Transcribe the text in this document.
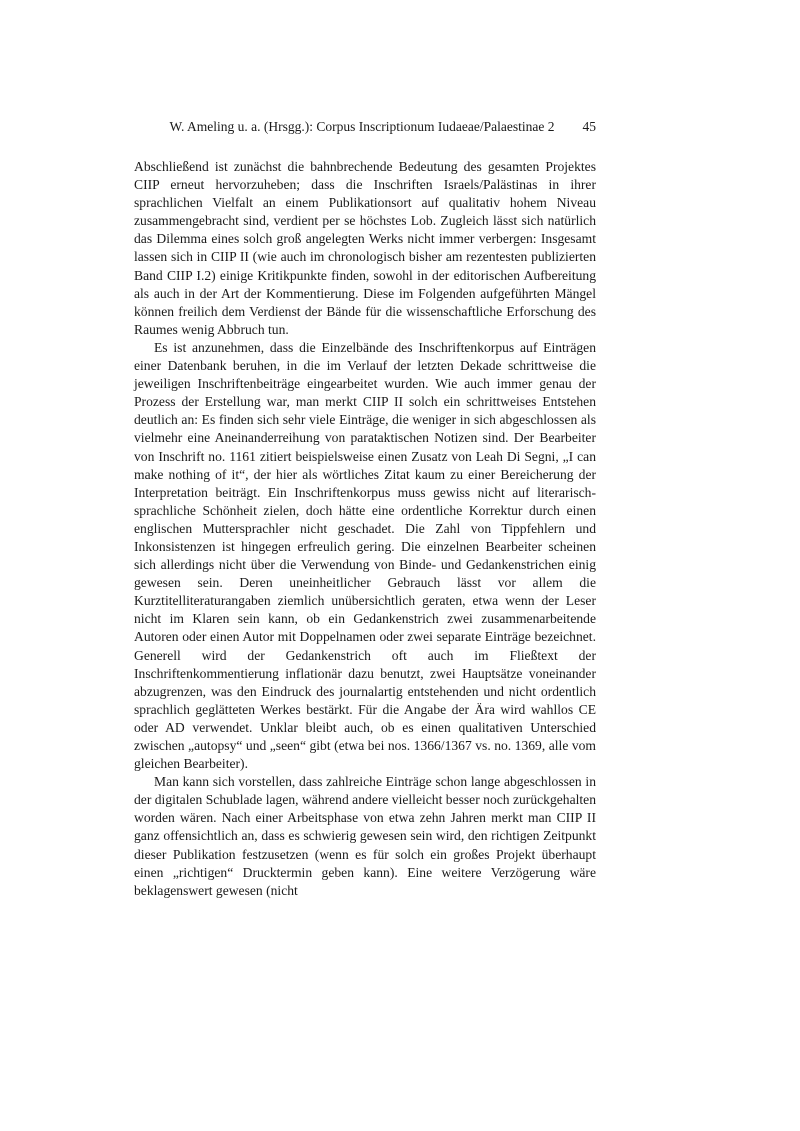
W. Ameling u. a. (Hrsgg.): Corpus Inscriptionum Iudaeae/Palaestinae 2	45

Abschließend ist zunächst die bahnbrechende Bedeutung des gesamten Projektes CIIP erneut hervorzuheben; dass die Inschriften Israels/Palästinas in ihrer sprachlichen Vielfalt an einem Publikationsort auf qualitativ hohem Niveau zusammengebracht sind, verdient per se höchstes Lob. Zugleich lässt sich natürlich das Dilemma eines solch groß angelegten Werks nicht immer verbergen: Insgesamt lassen sich in CIIP II (wie auch im chronologisch bisher am rezentesten publizierten Band CIIP I.2) einige Kritikpunkte finden, sowohl in der editorischen Aufbereitung als auch in der Art der Kommentierung. Diese im Folgenden aufgeführten Mängel können freilich dem Verdienst der Bände für die wissenschaftliche Erforschung des Raumes wenig Abbruch tun.

Es ist anzunehmen, dass die Einzelbände des Inschriftenkorpus auf Einträgen einer Datenbank beruhen, in die im Verlauf der letzten Dekade schrittweise die jeweiligen Inschriftenbeiträge eingearbeitet wurden. Wie auch immer genau der Prozess der Erstellung war, man merkt CIIP II solch ein schrittweises Entstehen deutlich an: Es finden sich sehr viele Einträge, die weniger in sich abgeschlossen als vielmehr eine Aneinanderreihung von parataktischen Notizen sind. Der Bearbeiter von Inschrift no. 1161 zitiert beispielsweise einen Zusatz von Leah Di Segni, „I can make nothing of it“, der hier als wörtliches Zitat kaum zu einer Bereicherung der Interpretation beiträgt. Ein Inschriftenkorpus muss gewiss nicht auf literarisch-sprachliche Schönheit zielen, doch hätte eine ordentliche Korrektur durch einen englischen Muttersprachler nicht geschadet. Die Zahl von Tippfehlern und Inkonsistenzen ist hingegen erfreulich gering. Die einzelnen Bearbeiter scheinen sich allerdings nicht über die Verwendung von Binde- und Gedankenstrichen einig gewesen sein. Deren uneinheitlicher Gebrauch lässt vor allem die Kurztitelliteraturangaben ziemlich unübersichtlich geraten, etwa wenn der Leser nicht im Klaren sein kann, ob ein Gedankenstrich zwei zusammenarbeitende Autoren oder einen Autor mit Doppelnamen oder zwei separate Einträge bezeichnet. Generell wird der Gedankenstrich oft auch im Fließtext der Inschriftenkommentierung inflationär dazu benutzt, zwei Hauptsätze voneinander abzugrenzen, was den Eindruck des journalartig entstehenden und nicht ordentlich sprachlich geglätteten Werkes bestärkt. Für die Angabe der Ära wird wahllos CE oder AD verwendet. Unklar bleibt auch, ob es einen qualitativen Unterschied zwischen „autopsy“ und „seen“ gibt (etwa bei nos. 1366/1367 vs. no. 1369, alle vom gleichen Bearbeiter).

Man kann sich vorstellen, dass zahlreiche Einträge schon lange abgeschlossen in der digitalen Schublade lagen, während andere vielleicht besser noch zurückgehalten worden wären. Nach einer Arbeitsphase von etwa zehn Jahren merkt man CIIP II ganz offensichtlich an, dass es schwierig gewesen sein wird, den richtigen Zeitpunkt dieser Publikation festzusetzen (wenn es für solch ein großes Projekt überhaupt einen „richtigen“ Drucktermin geben kann). Eine weitere Verzögerung wäre beklagenswert gewesen (nicht
